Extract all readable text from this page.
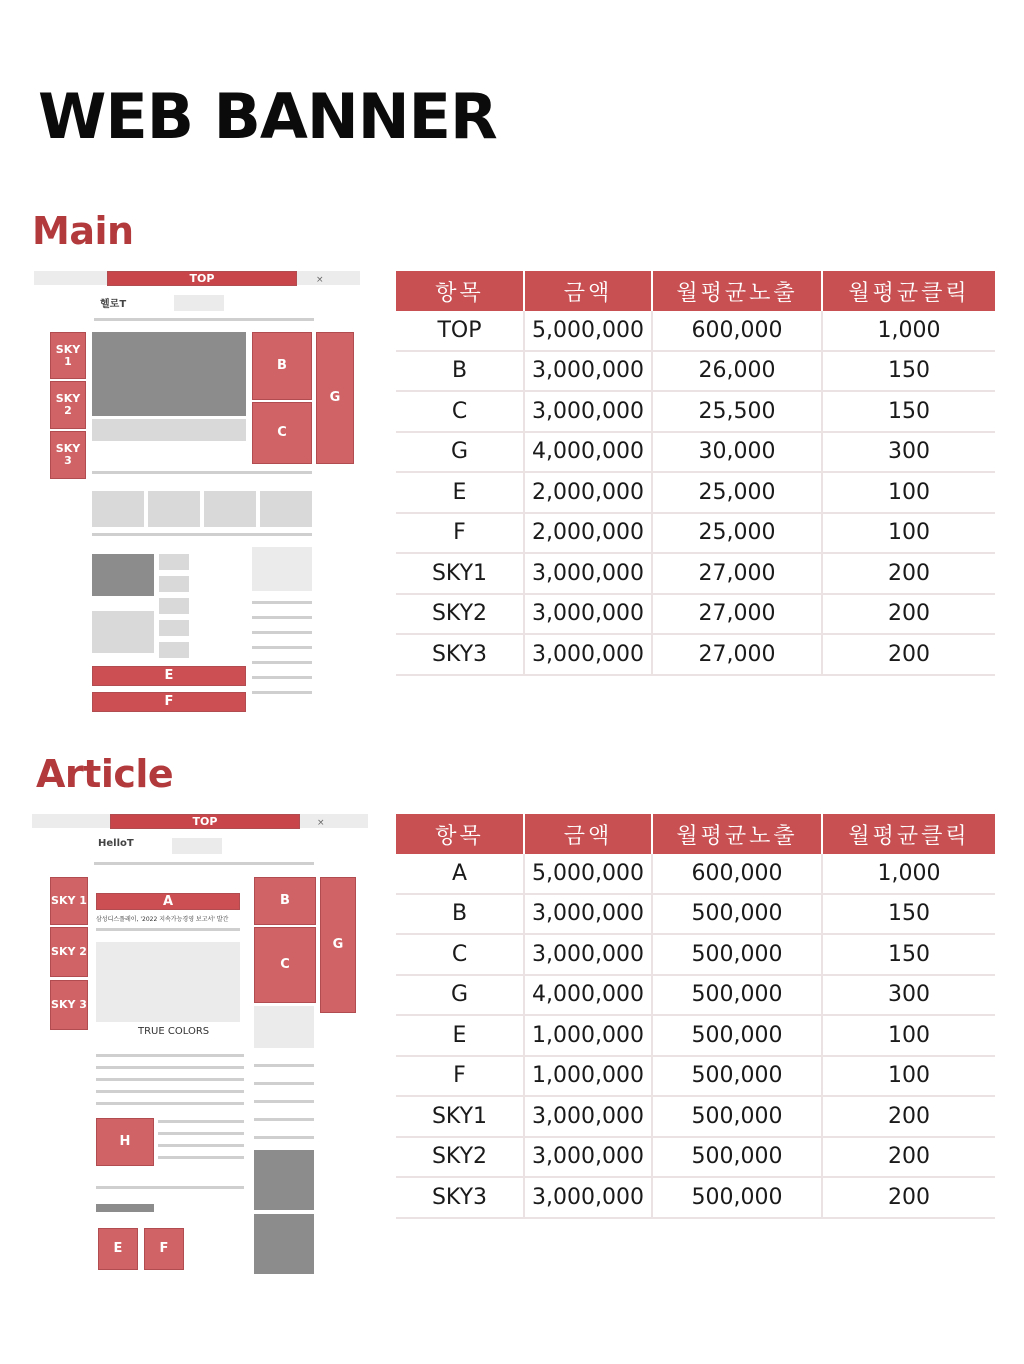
WEB BANNER
Main
TOP	×
헬로T
SKY 1
SKY 2
SKY 3
B
C
G
E
F
항목	금액	월평균노출	월평균클릭
TOP	5,000,000	600,000	1,000
B	3,000,000	26,000	150
C	3,000,000	25,500	150
G	4,000,000	30,000	300
E	2,000,000	25,000	100
F	2,000,000	25,000	100
SKY1	3,000,000	27,000	200
SKY2	3,000,000	27,000	200
SKY3	3,000,000	27,000	200
Article
TOP	×
HelloT
SKY 1
SKY 2
SKY 3
A
삼성디스플레이, '2022 지속가능경영 보고서' 발간
TRUE COLORS
B
C
G
H
E	F
항목	금액	월평균노출	월평균클릭
A	5,000,000	600,000	1,000
B	3,000,000	500,000	150
C	3,000,000	500,000	150
G	4,000,000	500,000	300
E	1,000,000	500,000	100
F	1,000,000	500,000	100
SKY1	3,000,000	500,000	200
SKY2	3,000,000	500,000	200
SKY3	3,000,000	500,000	200
